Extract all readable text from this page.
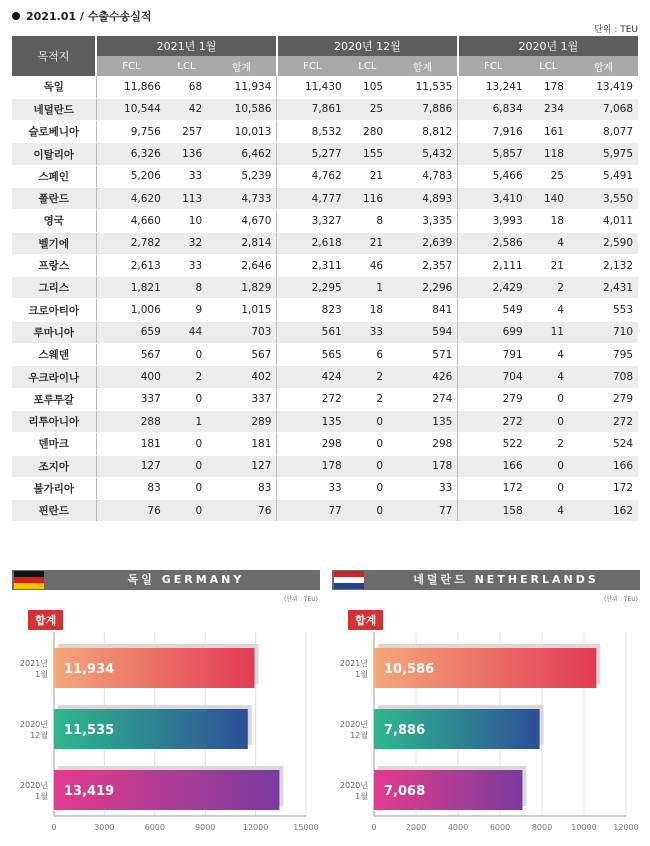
2021.01 / 수출수송실적
단위 : TEU
목적지	2021년 1월			2020년 12월			2020년 1월		
	FCL	LCL	합계	FCL	LCL	합계	FCL	LCL	합계
독일	11,866	68	11,934	11,430	105	11,535	13,241	178	13,419
네덜란드	10,544	42	10,586	7,861	25	7,886	6,834	234	7,068
슬로베니아	9,756	257	10,013	8,532	280	8,812	7,916	161	8,077
이탈리아	6,326	136	6,462	5,277	155	5,432	5,857	118	5,975
스페인	5,206	33	5,239	4,762	21	4,783	5,466	25	5,491
폴란드	4,620	113	4,733	4,777	116	4,893	3,410	140	3,550
영국	4,660	10	4,670	3,327	8	3,335	3,993	18	4,011
벨기에	2,782	32	2,814	2,618	21	2,639	2,586	4	2,590
프랑스	2,613	33	2,646	2,311	46	2,357	2,111	21	2,132
그리스	1,821	8	1,829	2,295	1	2,296	2,429	2	2,431
크로아티아	1,006	9	1,015	823	18	841	549	4	553
루마니아	659	44	703	561	33	594	699	11	710
스웨덴	567	0	567	565	6	571	791	4	795
우크라이나	400	2	402	424	2	426	704	4	708
포루투갈	337	0	337	272	2	274	279	0	279
리투아니아	288	1	289	135	0	135	272	0	272
덴마크	181	0	181	298	0	298	522	2	524
조지아	127	0	127	178	0	178	166	0	166
불가리아	83	0	83	33	0	33	172	0	172
핀란드	76	0	76	77	0	77	158	4	162
독일 GERMANY
(단위 : TEU)
0	3000	6000	9000	12000	15000
11,934
2021년
1월
11,535
2020년
12월
13,419
2020년
1월
합계
네덜란드 NETHERLANDS
(단위 : TEU)
0	2000	4000	6000	8000 10000 12000
10,586
2021년
1월
7,886
2020년
12월
7,068
2020년
1월
합계
